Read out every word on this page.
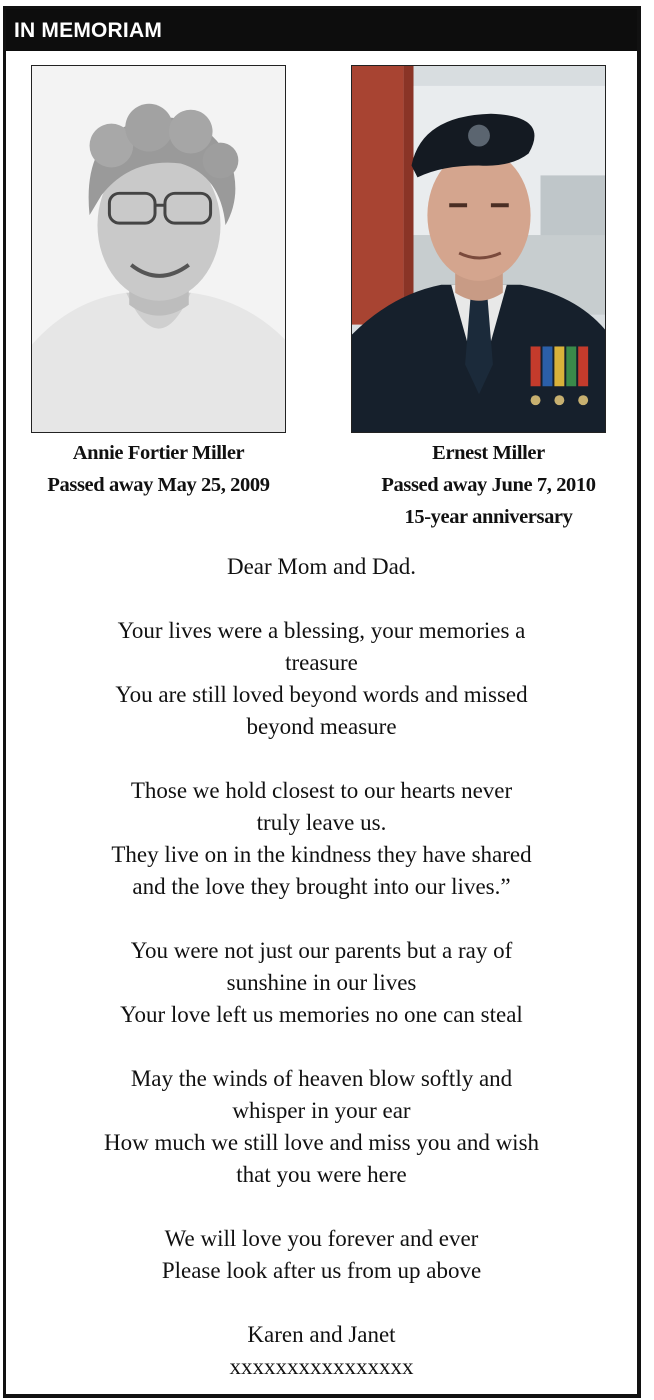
IN MEMORIAM
Annie Fortier Miller
Passed away May 25, 2009
Ernest Miller
Passed away June 7, 2010
15-year anniversary

Dear Mom and Dad.

Your lives were a blessing, your memories a

treasure

You are still loved beyond words and missed

beyond measure

Those we hold closest to our hearts never

truly leave us.

They live on in the kindness they have shared

and the love they brought into our lives.”

You were not just our parents but a ray of

sunshine in our lives

Your love left us memories no one can steal

May the winds of heaven blow softly and

whisper in your ear

How much we still love and miss you and wish

that you were here

We will love you forever and ever

Please look after us from up above

Karen and Janet

xxxxxxxxxxxxxxxx
